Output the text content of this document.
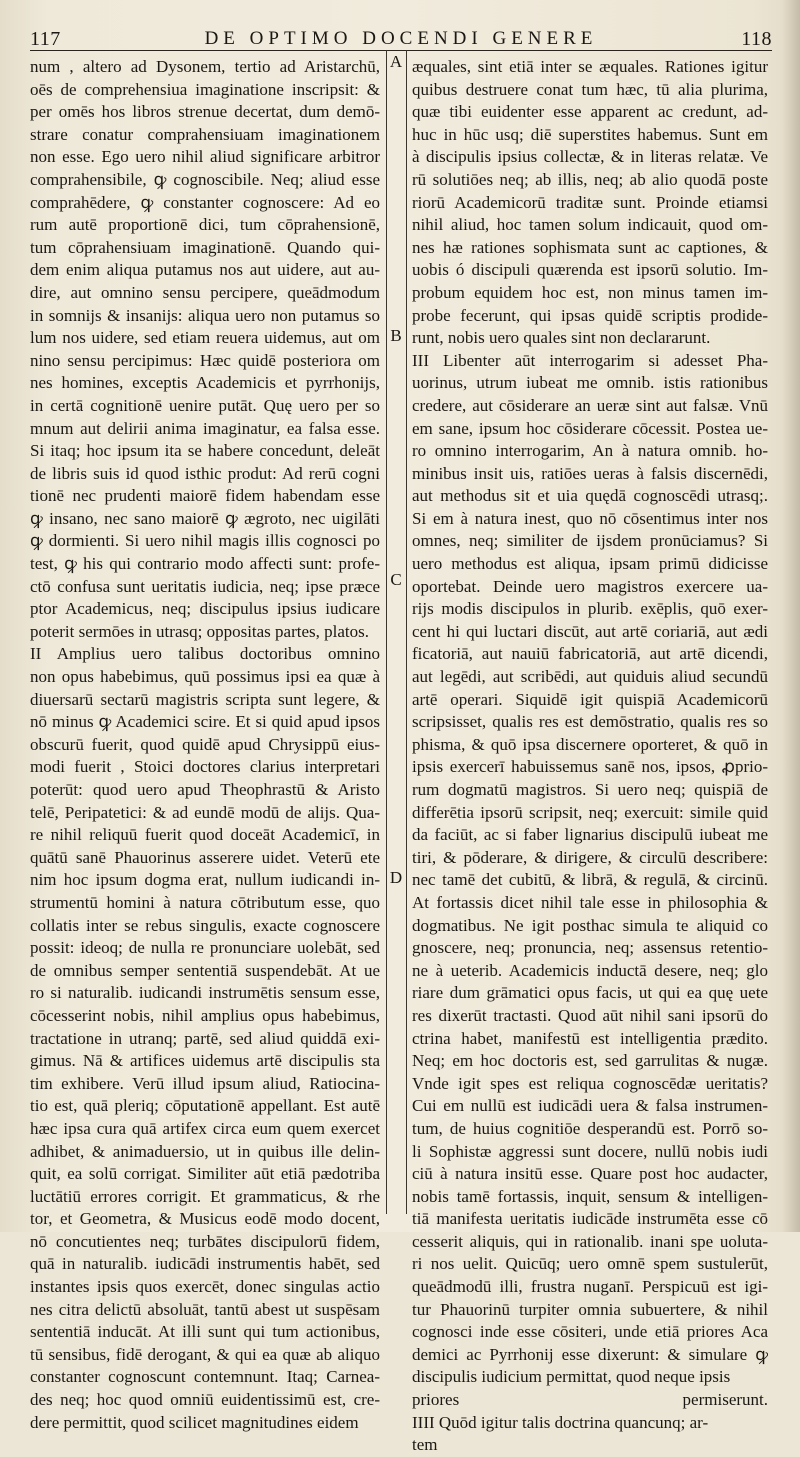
117	DE OPTIMO DOCENDI GENERE	118
A
B
C
D
num , altero ad Dysonem, tertio ad Aristarchū,
oēs de comprehensiua imaginatione inscripsit: &
per omēs hos libros strenue decertat, dum demō-
strare conatur comprahensiuam imaginationem
non esse. Ego uero nihil aliud significare arbitror
comprahensibile, ꝙ cognoscibile. Neq; aliud esse
comprahēdere, ꝙ constanter cognoscere: Ad eo
rum autē proportionē dici, tum cōprahensionē,
tum cōprahensiuam imaginationē. Quando qui-
dem enim aliqua putamus nos aut uidere, aut au-
dire, aut omnino sensu percipere, queādmodum
in somnijs & insanijs: aliqua uero non putamus so
lum nos uidere, sed etiam reuera uidemus, aut om
nino sensu percipimus: Hæc quidē posteriora om
nes homines, exceptis Academicis et pyrrhonijs,
in certā cognitionē uenire putāt. Quę uero per so
mnum aut delirii anima imaginatur, ea falsa esse.
Si itaq; hoc ipsum ita se habere concedunt, deleāt
de libris suis id quod isthic produt: Ad rerū cogni
tionē nec prudenti maiorē fidem habendam esse
ꝙ insano, nec sano maiorē ꝙ ægroto, nec uigilāti
ꝙ dormienti. Si uero nihil magis illis cognosci po
test, ꝙ his qui contrario modo affecti sunt: profe-
ctō confusa sunt ueritatis iudicia, neq; ipse præce
ptor Academicus, neq; discipulus ipsius iudicare
poterit sermōes in utrasq; oppositas partes, platos.
II Amplius uero talibus doctoribus omnino
non opus habebimus, quū possimus ipsi ea quæ à
diuersarū sectarū magistris scripta sunt legere, &
nō minus ꝙ Academici scire. Et si quid apud ipsos
obscurū fuerit, quod quidē apud Chrysippū eius-
modi fuerit , Stoici doctores clarius interpretari
poterūt: quod uero apud Theophrastū & Aristo
telē, Peripatetici: & ad eundē modū de alijs. Qua-
re nihil reliquū fuerit quod doceāt Academicī, in
quātū sanē Phauorinus asserere uidet. Veterū ete
nim hoc ipsum dogma erat, nullum iudicandi in-
strumentū homini à natura cōtributum esse, quo
collatis inter se rebus singulis, exacte cognoscere
possit: ideoq; de nulla re pronunciare uolebāt, sed
de omnibus semper sententiā suspendebāt. At ue
ro si naturalib. iudicandi instrumētis sensum esse,
cōcesserint nobis, nihil amplius opus habebimus,
tractatione in utranq; partē, sed aliud quiddā exi-
gimus. Nā & artifices uidemus artē discipulis sta
tim exhibere. Verū illud ipsum aliud, Ratiocina-
tio est, quā pleriq; cōputationē appellant. Est autē
hæc ipsa cura quā artifex circa eum quem exercet
adhibet, & animaduersio, ut in quibus ille delin-
quit, ea solū corrigat. Similiter aūt etiā pædotriba
luctātiū errores corrigit. Et grammaticus, & rhe
tor, et Geometra, & Musicus eodē modo docent,
nō concutientes neq; turbātes discipulorū fidem,
quā in naturalib. iudicādi instrumentis habēt, sed
instantes ipsis quos exercēt, donec singulas actio
nes citra delictū absoluāt, tantū abest ut suspēsam
sententiā inducāt. At illi sunt qui tum actionibus,
tū sensibus, fidē derogant, & qui ea quæ ab aliquo
constanter cognoscunt contemnunt. Itaq; Carnea-
des neq; hoc quod omniū euidentissimū est, cre-
dere permittit, quod scilicet magnitudines eidem
æquales, sint etiā inter se æquales. Rationes igitur
quibus destruere conat tum hæc, tū alia plurima,
quæ tibi euidenter esse apparent ac credunt, ad-
huc in hūc usq; diē superstites habemus. Sunt em
à discipulis ipsius collectæ, & in literas relatæ. Ve
rū solutiōes neq; ab illis, neq; ab alio quodā poste
riorū Academicorū traditæ sunt. Proinde etiamsi
nihil aliud, hoc tamen solum indicauit, quod om-
nes hæ rationes sophismata sunt ac captiones, &
uobis ó discipuli quærenda est ipsorū solutio. Im-
probum equidem hoc est, non minus tamen im-
probe fecerunt, qui ipsas quidē scriptis prodide-
runt, nobis uero quales sint non declararunt.
III Libenter aūt interrogarim si adesset Pha-
uorinus, utrum iubeat me omnib. istis rationibus
credere, aut cōsiderare an ueræ sint aut falsæ. Vnū
em sane, ipsum hoc cōsiderare cōcessit. Postea ue-
ro omnino interrogarim, An à natura omnib. ho-
minibus insit uis, ratiōes ueras à falsis discernēdi,
aut methodus sit et uia quędā cognoscēdi utrasq;.
Si em à natura inest, quo nō cōsentimus inter nos
omnes, neq; similiter de ijsdem pronūciamus? Si
uero methodus est aliqua, ipsam primū didicisse
oportebat. Deinde uero magistros exercere ua-
rijs modis discipulos in plurib. exēplis, quō exer-
cent hi qui luctari discūt, aut artē coriariā, aut ædi
ficatoriā, aut nauiū fabricatoriā, aut artē dicendi,
aut legēdi, aut scribēdi, aut quiduis aliud secundū
artē operari. Siquidē igit quispiā Academicorū
scripsisset, qualis res est demōstratio, qualis res so
phisma, & quō ipsa discernere oporteret, & quō in
ipsis exercerī habuissemus sanē nos, ipsos, ꝓprio-
rum dogmatū magistros. Si uero neq; quispiā de
differētia ipsorū scripsit, neq; exercuit: simile quid
da faciūt, ac si faber lignarius discipulū iubeat me
tiri, & pōderare, & dirigere, & circulū describere:
nec tamē det cubitū, & librā, & regulā, & circinū.
At fortassis dicet nihil tale esse in philosophia &
dogmatibus. Ne igit posthac simula te aliquid co
gnoscere, neq; pronuncia, neq; assensus retentio-
ne à ueterib. Academicis inductā desere, neq; glo
riare dum grāmatici opus facis, ut qui ea quę uete
res dixerūt tractasti. Quod aūt nihil sani ipsorū do
ctrina habet, manifestū est intelligentia prædito.
Neq; em hoc doctoris est, sed garrulitas & nugæ.
Vnde igit spes est reliqua cognoscēdæ ueritatis?
Cui em nullū est iudicādi uera & falsa instrumen-
tum, de huius cognitiōe desperandū est. Porrō so-
li Sophistæ aggressi sunt docere, nullū nobis iudi
ciū à natura insitū esse. Quare post hoc audacter,
nobis tamē fortassis, inquit, sensum & intelligen-
tiā manifesta ueritatis iudicāde instrumēta esse cō
cesserit aliquis, qui in rationalib. inani spe uoluta-
ri nos uelit. Quicūq; uero omnē spem sustulerūt,
queādmodū illi, frustra nuganī. Perspicuū est igi-
tur Phauorinū turpiter omnia subuertere, & nihil
cognosci inde esse cōsiteri, unde etiā priores Aca
demici ac Pyrrhonij esse dixerunt: & simulare ꝙ
discipulis iudicium permittat, quod neque ipsis
priores permiserunt.
IIII Quōd igitur talis doctrina quancunq; ar-
tem
